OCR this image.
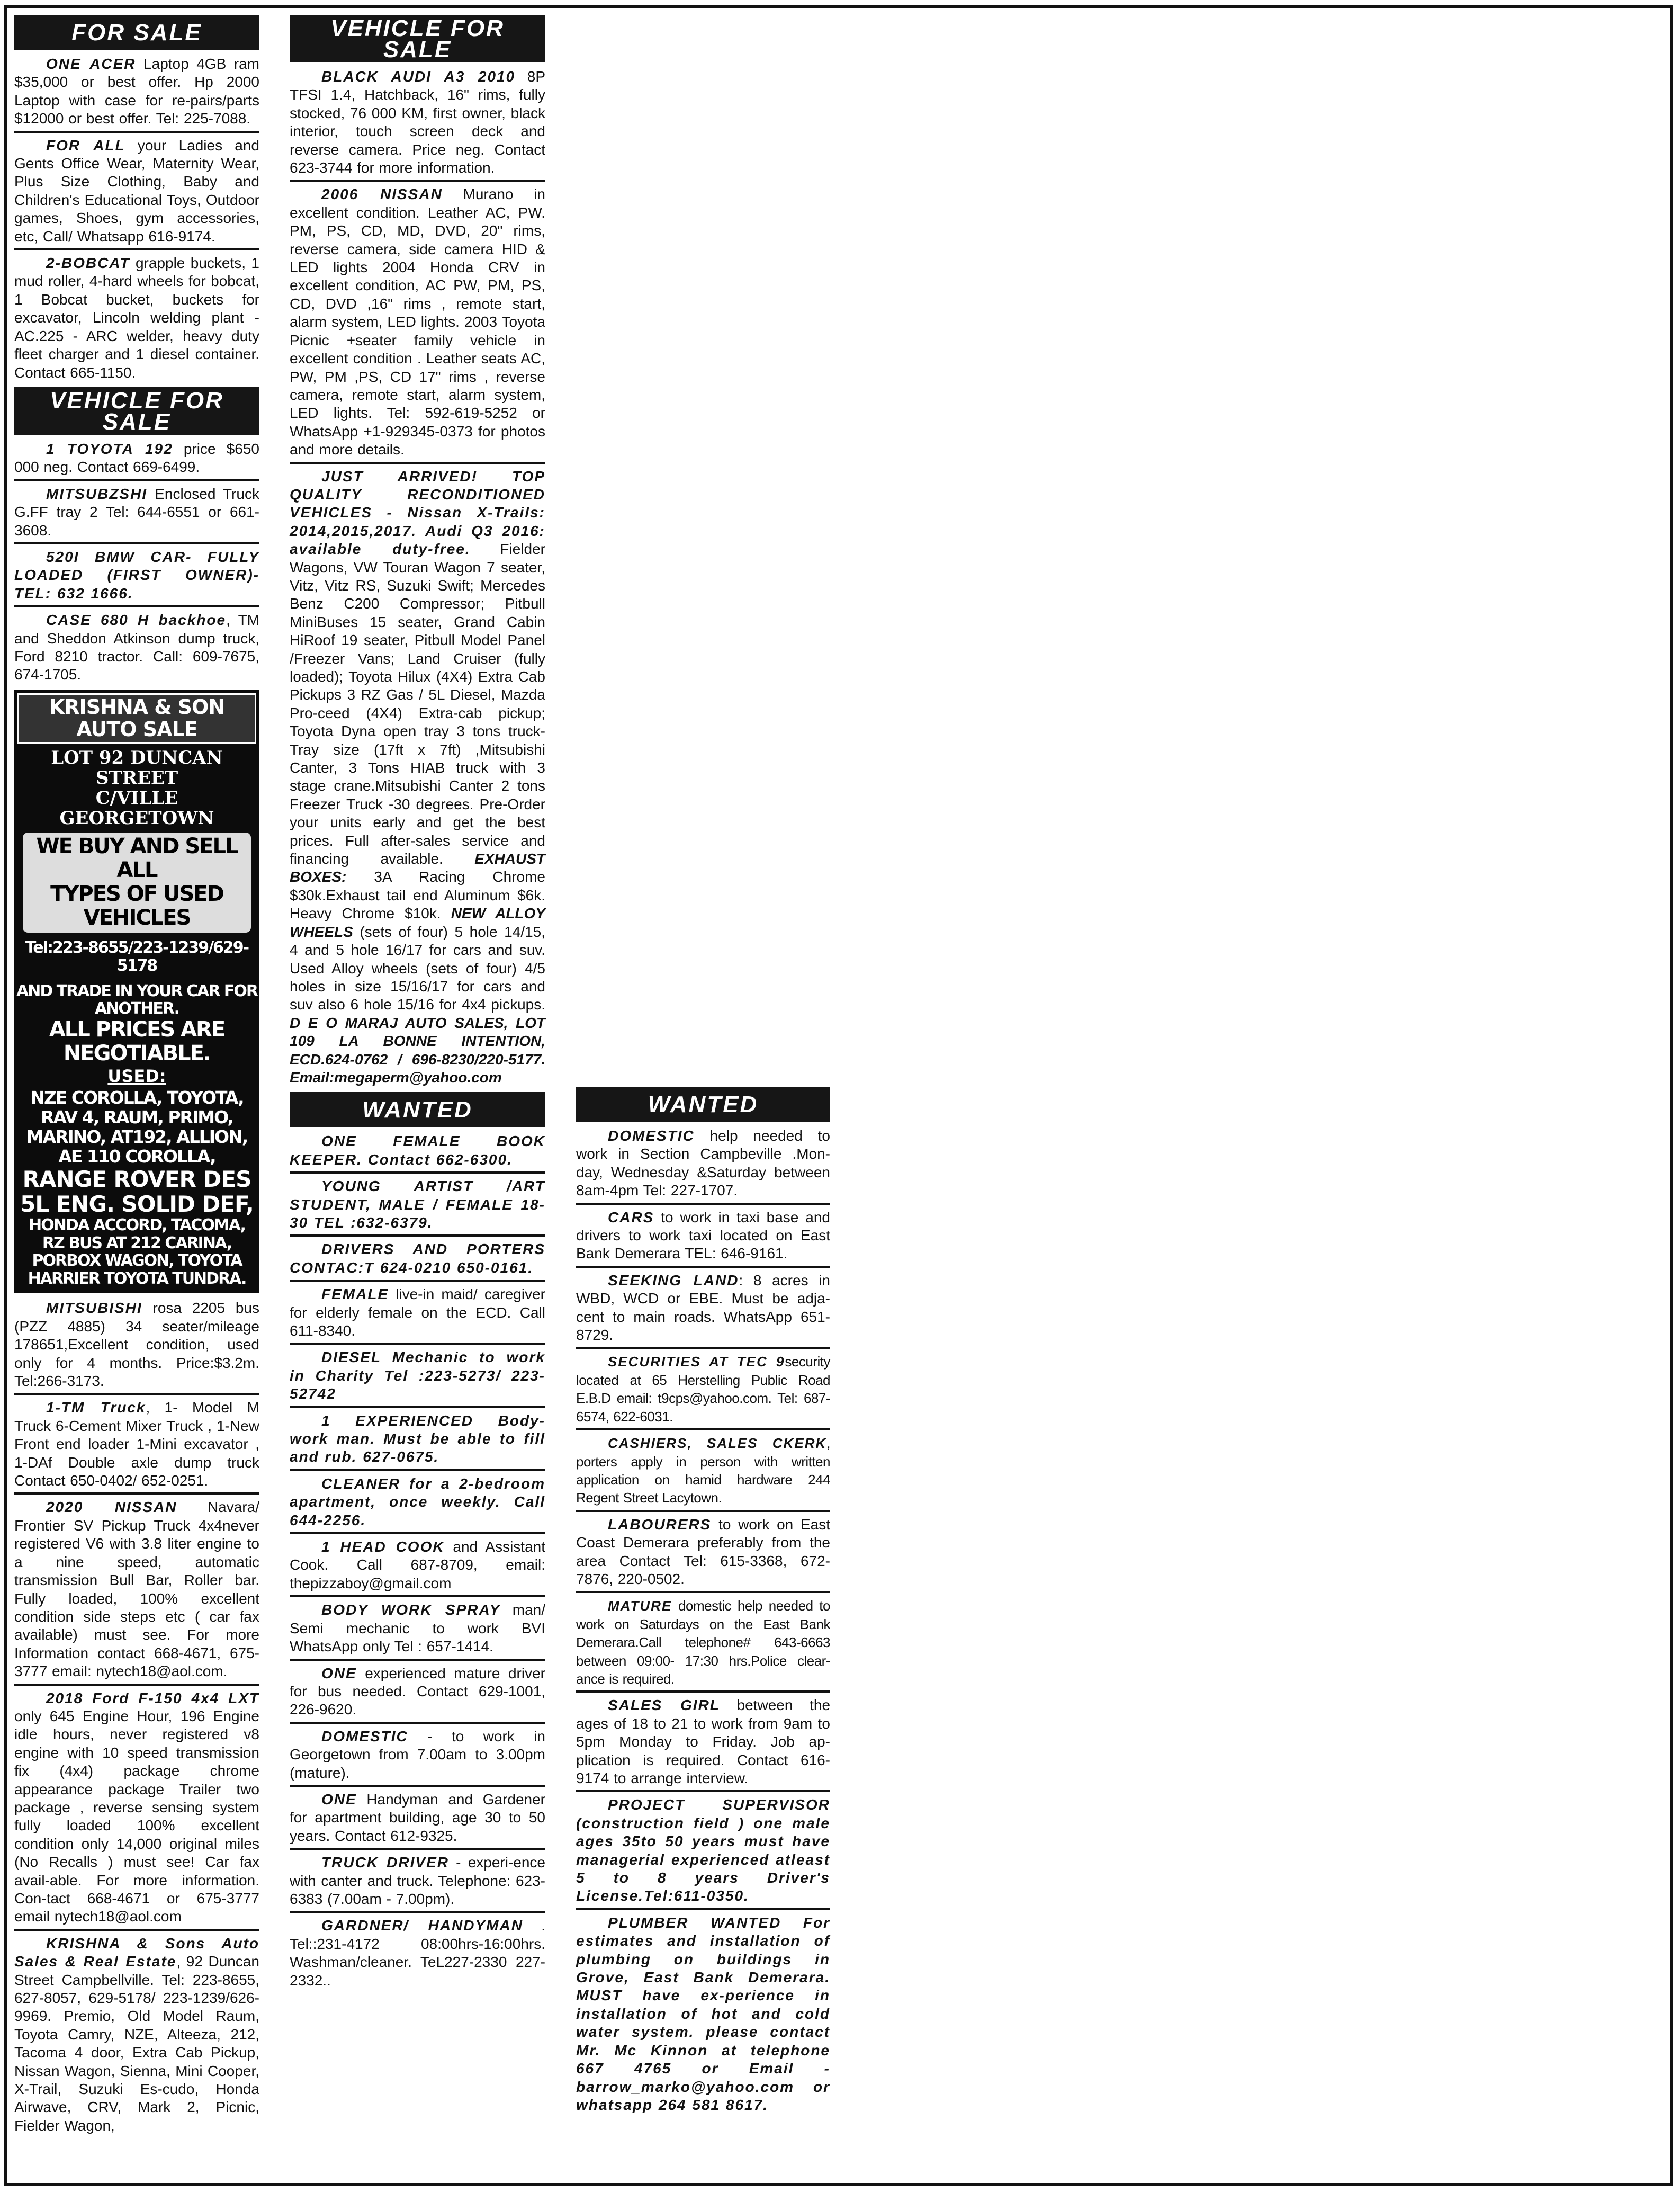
FOR SALE
ONE ACER Laptop 4GB ram $35,000 or best offer. Hp 2000 Laptop with case for re-pairs/parts $12000 or best offer. Tel: 225-7088.
FOR ALL your Ladies and Gents Office Wear, Maternity Wear, Plus Size Clothing, Baby and Children's Educational Toys, Outdoor games, Shoes, gym accessories, etc, Call/ Whatsapp 616-9174.
2-BOBCAT grapple buckets, 1 mud roller, 4-hard wheels for bobcat, 1 Bobcat bucket, buckets for excavator, Lincoln welding plant - AC.225 - ARC welder, heavy duty fleet charger and 1 diesel container. Contact 665-1150.
VEHICLE FOR
SALE
1 TOYOTA 192 price $650 000 neg. Contact 669-6499.
MITSUBZSHI Enclosed Truck G.FF tray 2 Tel: 644-6551 or 661-3608.
520I BMW CAR- FULLY LOADED (FIRST OWNER)- TEL: 632 1666.
CASE 680 H backhoe, TM and Sheddon Atkinson dump truck, Ford 8210 tractor. Call: 609-7675, 674-1705.
KRISHNA & SON AUTO SALE
LOT 92 DUNCAN STREET
C/VILLE GEORGETOWN
WE BUY AND SELL ALL
TYPES OF USED VEHICLES
Tel:223-8655/223-1239/629-5178
AND TRADE IN YOUR CAR FOR ANOTHER.
ALL PRICES ARE NEGOTIABLE.
USED:
NZE COROLLA, TOYOTA, RAV 4, RAUM, PRIMO, MARINO, AT192, ALLION, AE 110 COROLLA,
RANGE ROVER DES 5L ENG. SOLID DEF,
HONDA ACCORD, TACOMA, RZ BUS AT 212 CARINA, PORBOX WAGON, TOYOTA HARRIER TOYOTA TUNDRA.
MITSUBISHI rosa 2205 bus (PZZ 4885) 34 seater/mileage 178651,Excellent condition, used only for 4 months. Price:$3.2m. Tel:266-3173.
1-TM Truck, 1- Model M Truck 6-Cement Mixer Truck , 1-New Front end loader 1-Mini excavator , 1-DAf Double axle dump truck Contact 650-0402/ 652-0251.
2020 NISSAN Navara/ Frontier SV Pickup Truck 4x4never registered V6 with 3.8 liter engine to a nine speed, automatic transmission Bull Bar, Roller bar. Fully loaded, 100% excellent condition side steps etc ( car fax available) must see. For more Information contact 668-4671, 675-3777 email: nytech18@aol.com.
2018 Ford F-150 4x4 LXT only 645 Engine Hour, 196 Engine idle hours, never registered v8 engine with 10 speed transmission fix (4x4) package chrome appearance package Trailer two package , reverse sensing system fully loaded 100% excellent condition only 14,000 original miles (No Recalls ) must see! Car fax avail-able. For more information. Con-tact 668-4671 or 675-3777 email nytech18@aol.com
KRISHNA & Sons Auto Sales & Real Estate, 92 Duncan Street Campbellville. Tel: 223-8655, 627-8057, 629-5178/ 223-1239/626-9969. Premio, Old Model Raum, Toyota Camry, NZE, Alteeza, 212, Tacoma 4 door, Extra Cab Pickup, Nissan Wagon, Sienna, Mini Cooper, X-Trail, Suzuki Es-cudo, Honda Airwave, CRV, Mark 2, Picnic, Fielder Wagon,
VEHICLE FOR
SALE
BLACK AUDI A3 2010 8P TFSI 1.4, Hatchback, 16" rims, fully stocked, 76 000 KM, first owner, black interior, touch screen deck and reverse camera. Price neg. Contact 623-3744 for more information.
2006 NISSAN Murano in excellent condition. Leather AC, PW. PM, PS, CD, MD, DVD, 20" rims, reverse camera, side camera HID & LED lights 2004 Honda CRV in excellent condition, AC PW, PM, PS, CD, DVD ,16" rims , remote start, alarm system, LED lights. 2003 Toyota Picnic +seater family vehicle in excellent condition . Leather seats AC, PW, PM ,PS, CD 17" rims , reverse camera, remote start, alarm system, LED lights. Tel: 592-619-5252 or WhatsApp +1-929345-0373 for photos and more details.
JUST ARRIVED! TOP QUALITY RECONDITIONED VEHICLES - Nissan X-Trails: 2014,2015,2017. Audi Q3 2016: available duty-free. Fielder Wagons, VW Touran Wagon 7 seater, Vitz, Vitz RS, Suzuki Swift; Mercedes Benz C200 Compressor; Pitbull MiniBuses 15 seater, Grand Cabin HiRoof 19 seater, Pitbull Model Panel /Freezer Vans; Land Cruiser (fully loaded); Toyota Hilux (4X4) Extra Cab Pickups 3 RZ Gas / 5L Diesel, Mazda Pro-ceed (4X4) Extra-cab pickup; Toyota Dyna open tray 3 tons truck-Tray size (17ft x 7ft) ,Mitsubishi Canter, 3 Tons HIAB truck with 3 stage crane.Mitsubishi Canter 2 tons Freezer Truck -30 degrees. Pre-Order your units early and get the best prices. Full after-sales service and financing available. EXHAUST BOXES: 3A Racing Chrome $30k.Exhaust tail end Aluminum $6k. Heavy Chrome $10k. NEW ALLOY WHEELS (sets of four) 5 hole 14/15, 4 and 5 hole 16/17 for cars and suv. Used Alloy wheels (sets of four) 4/5 holes in size 15/16/17 for cars and suv also 6 hole 15/16 for 4x4 pickups. D E O MARAJ AUTO SALES, LOT 109 LA BONNE INTENTION, ECD.624-0762 / 696-8230/220-5177. Email:megaperm@yahoo.com
WANTED
ONE FEMALE BOOK KEEPER. Contact 662-6300.
YOUNG ARTIST /ART STUDENT, MALE / FEMALE 18-30 TEL :632-6379.
DRIVERS AND PORTERS CONTAC:T 624-0210 650-0161.
FEMALE live-in maid/ caregiver for elderly female on the ECD. Call 611-8340.
DIESEL Mechanic to work in Charity Tel :223-5273/ 223-52742
1 EXPERIENCED Body-work man. Must be able to fill and rub. 627-0675.
CLEANER for a 2-bedroom apartment, once weekly. Call 644-2256.
1 HEAD COOK and Assistant Cook. Call 687-8709, email: thepizzaboy@gmail.com
BODY WORK SPRAY man/ Semi mechanic to work BVI WhatsApp only Tel : 657-1414.
ONE experienced mature driver for bus needed. Contact 629-1001, 226-9620.
DOMESTIC - to work in Georgetown from 7.00am to 3.00pm (mature).
ONE Handyman and Gardener for apartment building, age 30 to 50 years. Contact 612-9325.
TRUCK DRIVER - experi-ence with canter and truck. Telephone: 623-6383 (7.00am - 7.00pm).
GARDNER/ HANDYMAN . Tel::231-4172 08:00hrs-16:00hrs. Washman/cleaner. TeL227-2330 227-2332..
WANTED
DOMESTIC help needed to work in Section Campbeville .Mon-day, Wednesday &Saturday between 8am-4pm Tel: 227-1707.
CARS to work in taxi base and drivers to work taxi located on East Bank Demerara TEL: 646-9161.
SEEKING LAND: 8 acres in WBD, WCD or EBE. Must be adja-cent to main roads. WhatsApp 651-8729.
SECURITIES AT TEC 9security located at 65 Herstelling Public Road E.B.D email: t9cps@yahoo.com. Tel: 687-6574, 622-6031.
CASHIERS, SALES CKERK, porters apply in person with written application on hamid hardware 244 Regent Street Lacytown.
LABOURERS to work on East Coast Demerara preferably from the area Contact Tel: 615-3368, 672-7876, 220-0502.
MATURE domestic help needed to work on Saturdays on the East Bank Demerara.Call telephone# 643-6663 between 09:00- 17:30 hrs.Police clear-ance is required.
SALES GIRL between the ages of 18 to 21 to work from 9am to 5pm Monday to Friday. Job ap-plication is required. Contact 616-9174 to arrange interview.
PROJECT SUPERVISOR (construction field ) one male ages 35to 50 years must have managerial experienced atleast 5 to 8 years Driver's License.Tel:611-0350.
PLUMBER WANTED For estimates and installation of plumbing on buildings in Grove, East Bank Demerara. MUST have ex-perience in installation of hot and cold water system. please contact Mr. Mc Kinnon at telephone 667 4765 or Email - barrow_marko@yahoo.com or whatsapp 264 581 8617.
